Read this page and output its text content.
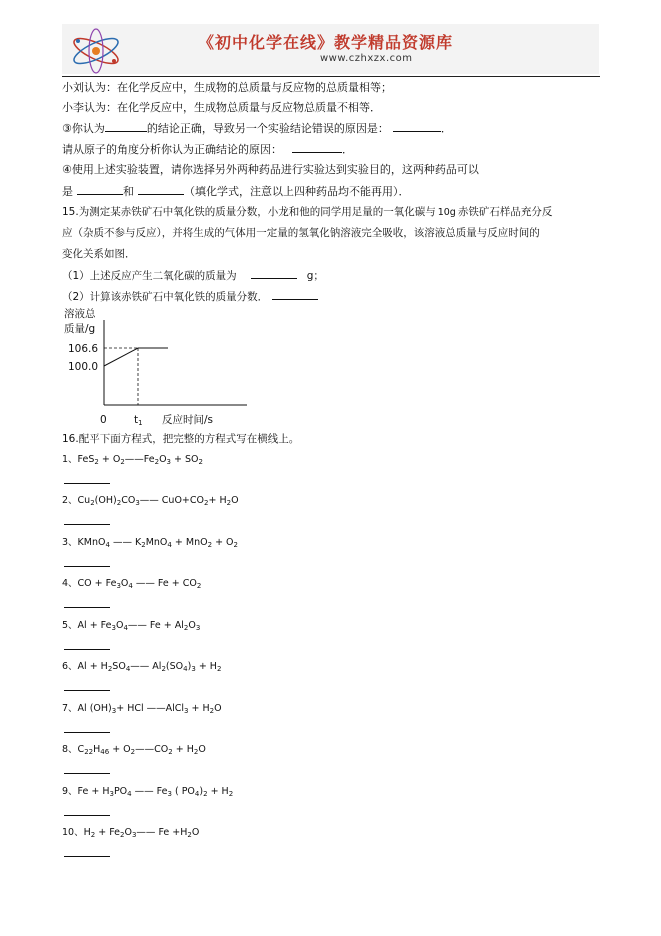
《初中化学在线》教学精品资源库
www.czhxzx.com
小刘认为：在化学反应中，生成物的总质量与反应物的总质量相等；
小李认为：在化学反应中，生成物总质量与反应物总质量不相等．
③你认为	的结论正确，导致另一个实验结论错误的原因是：	．
请从原子的角度分析你认为正确结论的原因：	．
④使用上述实验装置，请你选择另外两种药品进行实验达到实验目的，这两种药品可以
是	和	（填化学式，注意以上四种药品均不能再用）．
15.为测定某赤铁矿石中氧化铁的质量分数，小龙和他的同学用足量的一氧化碳与 10g 赤铁矿石样品充分反
应（杂质不参与反应），并将生成的气体用一定量的氢氧化钠溶液完全吸收，该溶液总质量与反应时间的
变化关系如图．
（1）上述反应产生二氧化碳的质量为	g；
（2）计算该赤铁矿石中氧化铁的质量分数．
溶液总
质量/g
106.6
100.0
0	t1 反应时间/s
16.配平下面方程式，把完整的方程式写在横线上。
1、$FeS_2 + O_2——Fe_2O_3 + SO_2$
2、$Cu_2(OH)_2CO_3——$ $CuO+CO_2+ H_2O$
3、KMnO$_4$ —— $K_2MnO_4 + MnO_2 + O_2$
4、CO + $Fe_3O_4$ —— $Fe + CO_2$
5、$Al + Fe_3O_4——$ $Fe + Al_2O_3$
6、$Al + H_2SO_4——$ $Al_2(SO_4)_3 + H_2$
7、Al $(OH)_3+$ HCl ——AlCl$_3$ + $H_2O$
8、$C_{22}H_{46}$ + $O_2——CO_2 + H_2O$
9、$Fe + H_3PO_4$ —— $Fe_3$ ( $PO_4)_2 + H_2$
10、$H_2$ + $Fe_2O_3——$ $Fe +H_2O$
